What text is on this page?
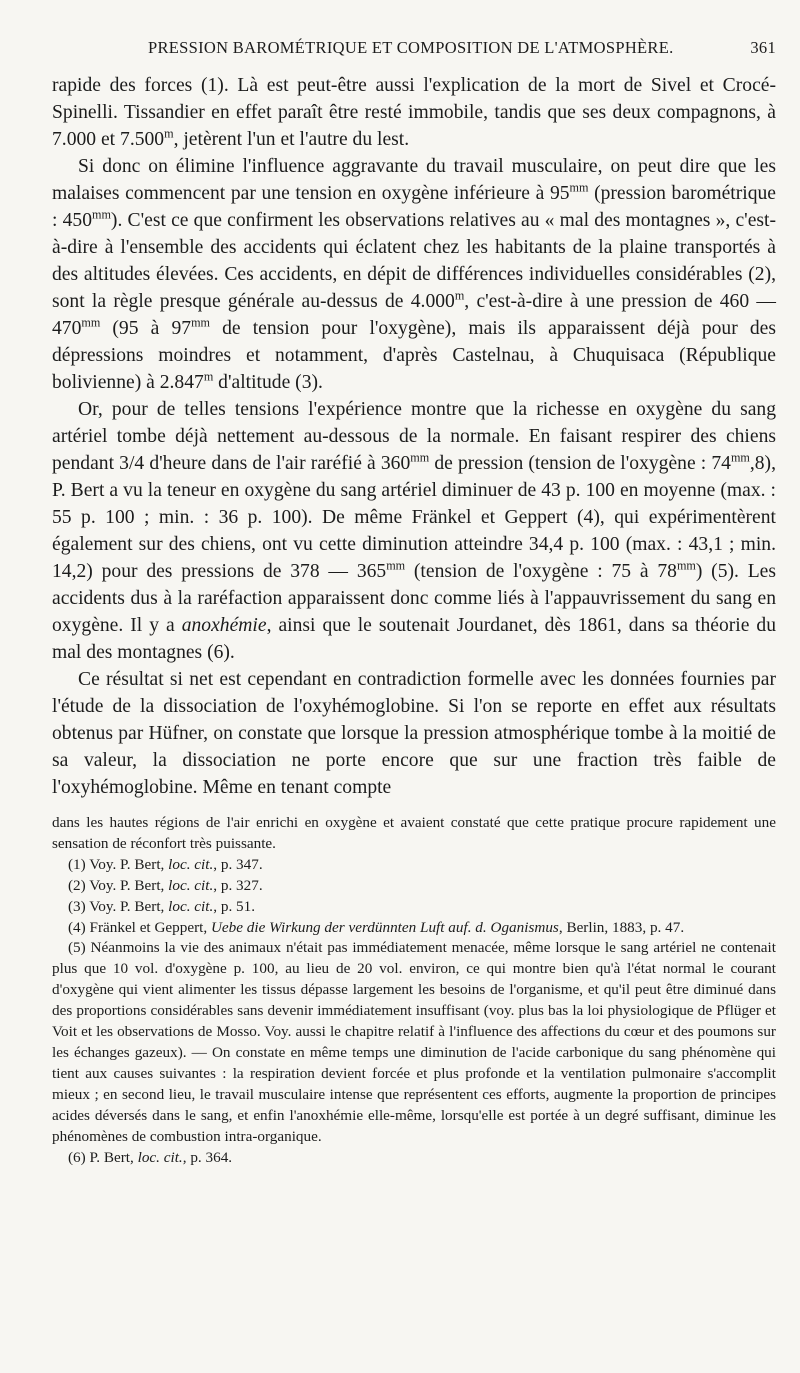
PRESSION BAROMÉTRIQUE ET COMPOSITION DE L'ATMOSPHÈRE.	361

rapide des forces (1). Là est peut-être aussi l'explication de la mort de Sivel et Crocé-Spinelli. Tissandier en effet paraît être resté immobile, tandis que ses deux compagnons, à 7.000 et 7.500$^m$, jetèrent l'un et l'autre du lest.

Si donc on élimine l'influence aggravante du travail musculaire, on peut dire que les malaises commencent par une tension en oxygène inférieure à $95^{mm}$ (pression barométrique : $450^{mm}$). C'est ce que confirment les observations relatives au « mal des montagnes », c'est-à-dire à l'ensemble des accidents qui éclatent chez les habitants de la plaine transportés à des altitudes élevées. Ces accidents, en dépit de différences individuelles considérables (2), sont la règle presque générale au-dessus de 4.000$^m$, c'est-à-dire à une pression de 460 — $470^{mm}$ (95 à $97^{mm}$ de tension pour l'oxygène), mais ils apparaissent déjà pour des dépressions moindres et notamment, d'après Castelnau, à Chuquisaca (République bolivienne) à 2.847$^m$ d'altitude (3).

Or, pour de telles tensions l'expérience montre que la richesse en oxygène du sang artériel tombe déjà nettement au-dessous de la normale. En faisant respirer des chiens pendant 3/4 d'heure dans de l'air raréfié à $360^{mm}$ de pression (tension de l'oxygène : $74^{mm},8$), P. Bert a vu la teneur en oxygène du sang artériel diminuer de 43 p. 100 en moyenne (max. : 55 p. 100 ; min. : 36 p. 100). De même Fränkel et Geppert (4), qui expérimentèrent également sur des chiens, ont vu cette diminution atteindre 34,4 p. 100 (max. : 43,1 ; min. 14,2) pour des pressions de 378 — $365^{mm}$ (tension de l'oxygène : 75 à $78^{mm}$) (5). Les accidents dus à la raréfaction apparaissent donc comme liés à l'appauvrissement du sang en oxygène. Il y a anoxhémie, ainsi que le soutenait Jourdanet, dès 1861, dans sa théorie du mal des montagnes (6).

Ce résultat si net est cependant en contradiction formelle avec les données fournies par l'étude de la dissociation de l'oxyhémoglobine. Si l'on se reporte en effet aux résultats obtenus par Hüfner, on constate que lorsque la pression atmosphérique tombe à la moitié de sa valeur, la dissociation ne porte encore que sur une fraction très faible de l'oxyhémoglobine. Même en tenant compte

dans les hautes régions de l'air enrichi en oxygène et avaient constaté que cette pratique procure rapidement une sensation de réconfort très puissante.

(1) Voy. P. Bert, loc. cit., p. 347.

(2) Voy. P. Bert, loc. cit., p. 327.

(3) Voy. P. Bert, loc. cit., p. 51.

(4) Fränkel et Geppert, Uebe die Wirkung der verdünnten Luft auf. d. Oganismus, Berlin, 1883, p. 47.

(5) Néanmoins la vie des animaux n'était pas immédiatement menacée, même lorsque le sang artériel ne contenait plus que 10 vol. d'oxygène p. 100, au lieu de 20 vol. environ, ce qui montre bien qu'à l'état normal le courant d'oxygène qui vient alimenter les tissus dépasse largement les besoins de l'organisme, et qu'il peut être diminué dans des proportions considérables sans devenir immédiatement insuffisant (voy. plus bas la loi physiologique de Pflüger et Voit et les observations de Mosso. Voy. aussi le chapitre relatif à l'influence des affections du cœur et des poumons sur les échanges gazeux). — On constate en même temps une diminution de l'acide carbonique du sang phénomène qui tient aux causes suivantes : la respiration devient forcée et plus profonde et la ventilation pulmonaire s'accomplit mieux ; en second lieu, le travail musculaire intense que représentent ces efforts, augmente la proportion de principes acides déversés dans le sang, et enfin l'anoxhémie elle-même, lorsqu'elle est portée à un degré suffisant, diminue les phénomènes de combustion intra-organique.

(6) P. Bert, loc. cit., p. 364.
